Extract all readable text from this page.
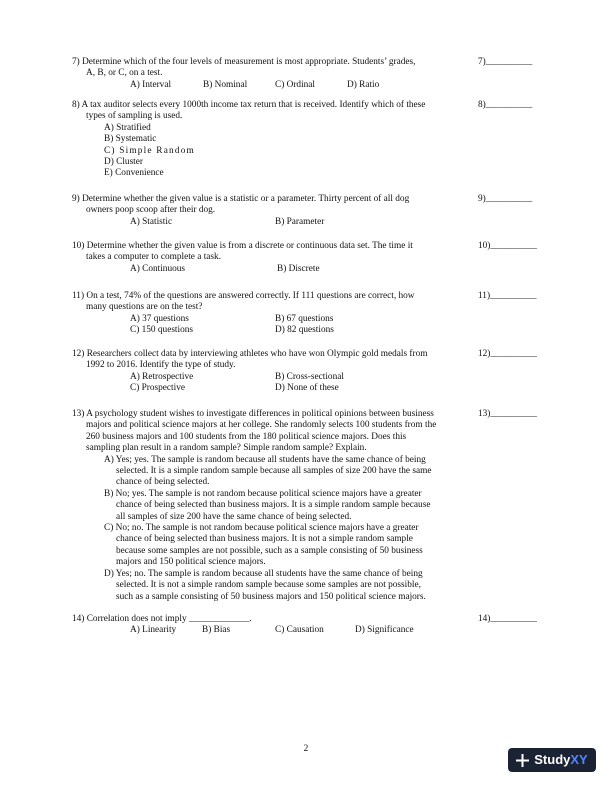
7) Determine which of the four levels of measurement is most appropriate. Students’ grades,
A, B, or C, on a test.
A) Interval	B) Nominal	C) Ordinal	D) Ratio
7)__________
8) A tax auditor selects every 1000th income tax return that is received. Identify which of these
types of sampling is used.
A) Stratified
B) Systematic
C) Simple Random
D) Cluster
E) Convenience
8)__________
9) Determine whether the given value is a statistic or a parameter. Thirty percent of all dog
owners poop scoop after their dog.
A) Statistic	B) Parameter
9)__________
10) Determine whether the given value is from a discrete or continuous data set. The time it
takes a computer to complete a task.
A) Continuous	B) Discrete
10)__________
11) On a test, 74% of the questions are answered correctly. If 111 questions are correct, how
many questions are on the test?
A) 37 questions	B) 67 questions
C) 150 questions	D) 82 questions
11)__________
12) Researchers collect data by interviewing athletes who have won Olympic gold medals from
1992 to 2016. Identify the type of study.
A) Retrospective	B) Cross-sectional
C) Prospective	D) None of these
12)__________
13) A psychology student wishes to investigate differences in political opinions between business
majors and political science majors at her college. She randomly selects 100 students from the
260 business majors and 100 students from the 180 political science majors. Does this
sampling plan result in a random sample? Simple random sample? Explain.
A) Yes; yes. The sample is random because all students have the same chance of being
selected. It is a simple random sample because all samples of size 200 have the same
chance of being selected.
B) No; yes. The sample is not random because political science majors have a greater
chance of being selected than business majors. It is a simple random sample because
all samples of size 200 have the same chance of being selected.
C) No; no. The sample is not random because political science majors have a greater
chance of being selected than business majors. It is not a simple random sample
because some samples are not possible, such as a sample consisting of 50 business
majors and 150 political science majors.
D) Yes; no. The sample is random because all students have the same chance of being
selected. It is not a simple random sample because some samples are not possible,
such as a sample consisting of 50 business majors and 150 political science majors.
13)__________
14) Correlation does not imply _____________.
A) Linearity	B) Bias	C) Causation	D) Significance
14)__________
2
StudyXY
